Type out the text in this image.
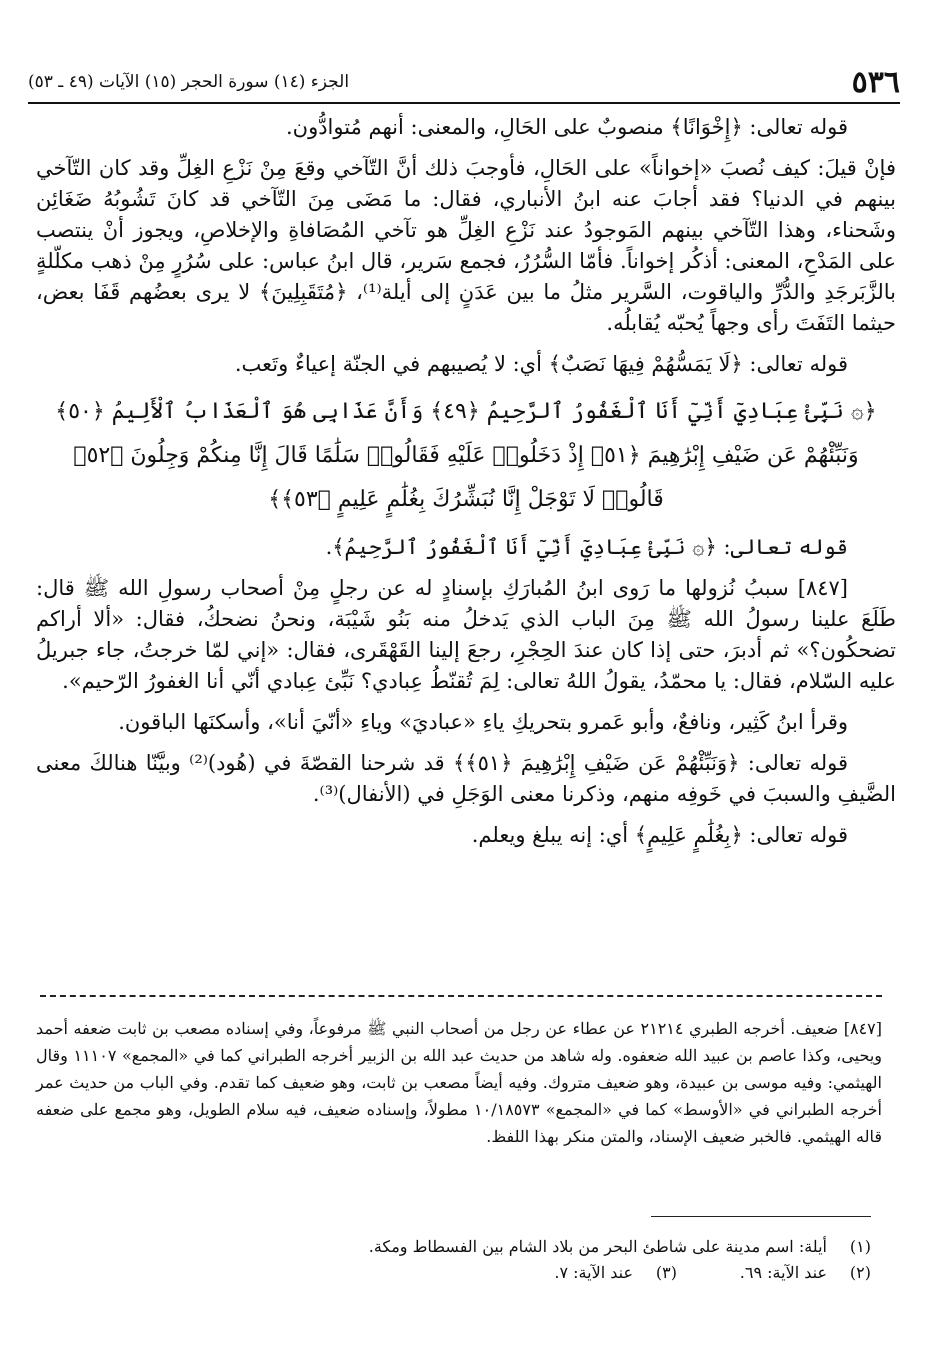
الجزء (١٤) سورة الحجر (١٥) الآيات (٤٩ ـ ٥٣)	٥٣٦

قوله تعالى: ﴿إِخْوَانًا﴾ منصوبٌ على الحَالِ، والمعنى: أنهم مُتوادُّون.

فإنْ قيلَ: كيف نُصبَ «إخواناً» على الحَالِ، فأوجبَ ذلك أنَّ التّآخي وقعَ مِنْ نَزْعِ الغِلِّ وقد كان التّآخي بينهم في الدنيا؟ فقد أجابَ عنه ابنُ الأنباري، فقال: ما مَضَى مِنَ التّآخي قد كانَ تَشُوبُهُ ضَغَائِن وشَحناء، وهذا التّآخي بينهم المَوجودُ عند نَزْعِ الغِلِّ هو تآخي المُصَافاةِ والإخلاصِ، ويجوز أنْ ينتصب على المَدْحِ، المعنى: أذكُر إخواناً. فأمّا السُّرُرُ، فجمع سَرير، قال ابنُ عباس: على سُرُرٍ مِنْ ذهب مكلّلةٍ بالزَّبَرجَدِ والدُّرِّ والياقوت، السَّرير مثلُ ما بين عَدَنٍ إلى أيلة⁽¹⁾، ﴿مُتَقَبِلِينَ﴾ لا يرى بعضُهم قَفَا بعض، حيثما التَفَتَ رأى وجهاً يُحبّه يُقابلُه.

قوله تعالى: ﴿لَا يَمَسُّهُمْ فِيهَا نَصَبٌ﴾ أي: لا يُصيبهم في الجنّة إعياءٌ وتَعب.

﴿۞ نَبِّئْ عِبَادِيٓ أَنِّيٓ أَنَا ٱلْغَفُورُ ٱلرَّحِيمُ ﴿٤٩﴾ وَأَنَّ عَذَابِى هُوَ ٱلْعَذَابُ ٱلْأَلِيمُ ﴿٥٠﴾ وَنَبِّئْهُمْ عَن ضَيْفِ إِبْرَٰهِيمَ ﴿٥١﴾ إِذْ دَخَلُوا۟ عَلَيْهِ فَقَالُوا۟ سَلَٰمًا قَالَ إِنَّا مِنكُمْ وَجِلُونَ ﴿٥٢﴾ قَالُوا۟ لَا تَوْجَلْ إِنَّا نُبَشِّرُكَ بِغُلَٰمٍ عَلِيمٍ ﴿٥٣﴾﴾

قوله تعالى: ﴿۞ نَبِّئْ عِبَادِيٓ أَنِّيٓ أَنَا ٱلْغَفُورُ ٱلرَّحِيمُ﴾.

[٨٤٧] سببُ نُزولها ما رَوى ابنُ المُبارَكِ بإسنادٍ له عن رجلٍ مِنْ أصحاب رسولِ الله ﷺ قال: طَلَعَ علينا رسولُ الله ﷺ مِنَ الباب الذي يَدخلُ منه بَنُو شَيْبَة، ونحنُ نضحكُ، فقال: «ألا أراكم تضحكُون؟» ثم أدبرَ، حتى إذا كان عندَ الحِجْرِ، رجعَ إلينا القَهْقَرى، فقال: «إني لمّا خرجتُ، جاء جبريلُ عليه السّلام، فقال: يا محمّدُ، يقولُ اللهُ تعالى: لِمَ تُقنّطُ عِبادي؟ نَبِّئ عِبادي أنّي أنا الغفورُ الرّحيم».

وقرأ ابنُ كَثِير، ونافعٌ، وأبو عَمرو بتحريكِ ياءِ «عباديَ» وياءِ «أنّيَ أنا»، وأسكنَها الباقون.

قوله تعالى: ﴿وَنَبِّئْهُمْ عَن ضَيْفِ إِبْرَٰهِيمَ ﴿٥١﴾﴾ قد شرحنا القصّةَ في (هُود)⁽²⁾ وبيَّنّا هنالكَ معنى الضَّيفِ والسببَ في خَوفِه منهم، وذكرنا معنى الوَجَلِ في (الأنفال)⁽³⁾.

قوله تعالى: ﴿بِغُلَٰمٍ عَلِيمٍ﴾ أي: إنه يبلغ ويعلم.

[٨٤٧] ضعيف. أخرجه الطبري ٢١٢١٤ عن عطاء عن رجل من أصحاب النبي ﷺ مرفوعاً، وفي إسناده مصعب بن ثابت ضعفه أحمد ويحيى، وكذا عاصم بن عبيد الله ضعفوه. وله شاهد من حديث عبد الله بن الزبير أخرجه الطبراني كما في «المجمع» ١١١٠٧ وقال الهيثمي: وفيه موسى بن عبيدة، وهو ضعيف متروك. وفيه أيضاً مصعب بن ثابت، وهو ضعيف كما تقدم. وفي الباب من حديث عمر أخرجه الطبراني في «الأوسط» كما في «المجمع» ١٠/١٨٥٧٣ مطولاً، وإسناده ضعيف، فيه سلام الطويل، وهو مجمع على ضعفه قاله الهيثمي. فالخبر ضعيف الإسناد، والمتن منكر بهذا اللفظ.
(١)
أيلة: اسم مدينة على شاطئ البحر من بلاد الشام بين الفسطاط ومكة.
(٢)
عند الآية: ٦٩.
(٣)
عند الآية: ٧.
